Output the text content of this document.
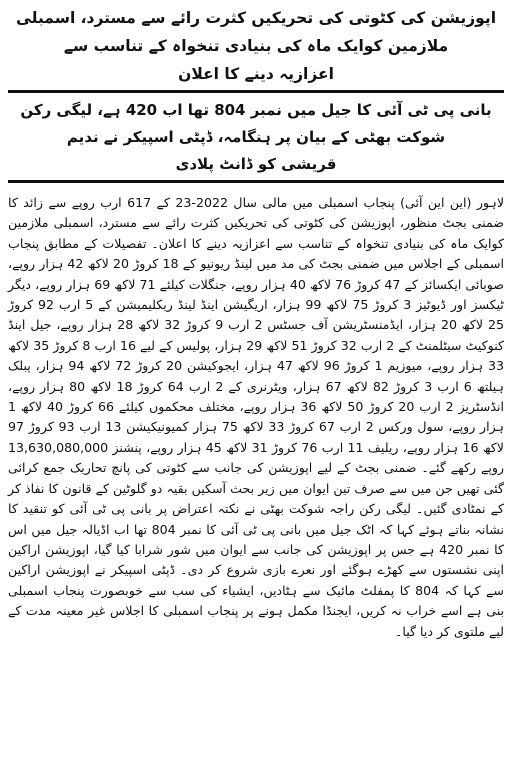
اپوزیشن کی کٹوتی کی تحریکیں کثرت رائے سے مسترد، اسمبلی ملازمین کوایک ماہ کی بنیادی تنخواہ کے تناسب سے
اعزازیہ دینے کا اعلان

بانی پی ٹی آئی کا جیل میں نمبر 804 تھا اب 420 ہے، لیگی رکن شوکت بھٹی کے بیان پر ہنگامہ، ڈپٹی اسپیکر نے ندیم
قریشی کو ڈانٹ پلادی

لاہور (این این آئی) پنجاب اسمبلی میں مالی سال 2022-23 کے 617 ارب روپے سے زائد کا ضمنی بجٹ منظور، اپوزیشن کی کٹوتی کی تحریکیں کثرت رائے سے مسترد، اسمبلی ملازمین کوایک ماہ کی بنیادی تنخواہ کے تناسب سے اعزازیہ دینے کا اعلان۔ تفصیلات کے مطابق پنجاب اسمبلی کے اجلاس میں ضمنی بجٹ کی مد میں لینڈ ریونیو کے 18 کروڑ 20 لاکھ 42 ہزار روپے، صوبائی ایکسائز کے 47 کروڑ 76 لاکھ 40 ہزار روپے، جنگلات کیلئے 71 لاکھ 69 ہزار روپے، دیگر ٹیکسز اور ڈیوٹیز 3 کروڑ 75 لاکھ 99 ہزار، اریگیشن اینڈ لینڈ ریکلیمیشن کے 5 ارب 92 کروڑ 25 لاکھ 20 ہزار، ایڈمنسٹریشن آف جسٹس 2 ارب 9 کروڑ 32 لاکھ 28 ہزار روپے، جیل اینڈ کنوکیٹ سیٹلمنٹ کے 2 ارب 32 کروڑ 51 لاکھ 29 ہزار، پولیس کے لیے 16 ارب 8 کروڑ 35 لاکھ 33 ہزار روپے، میوزیم 1 کروڑ 96 لاکھ 47 ہزار، ایجوکیشن 20 کروڑ 72 لاکھ 94 ہزار، پبلک ہیلتھ 6 ارب 3 کروڑ 82 لاکھ 67 ہزار، ویٹرنری کے 2 ارب 64 کروڑ 18 لاکھ 80 ہزار روپے، انڈسٹریز 2 ارب 20 کروڑ 50 لاکھ 36 ہزار روپے، مختلف محکموں کیلئے 66 کروڑ 40 لاکھ 1 ہزار روپے، سول ورکس 2 ارب 67 کروڑ 33 لاکھ 75 ہزار کمیونیکیشن 13 ارب 93 کروڑ 97 لاکھ 16 ہزار روپے، ریلیف 11 ارب 76 کروڑ 31 لاکھ 45 ہزار روپے، پنشنز 13,630,080,000 روپے رکھے گئے۔ ضمنی بجٹ کے لیے اپوزیشن کی جانب سے کٹوتی کی پانچ تحاریک جمع کرائی گئی تھیں جن میں سے صرف تین ایوان میں زیر بحث آسکیں بقیہ دو گلوٹین کے قانون کا نفاذ کر کے نمٹادی گئیں۔ لیگی رکن راجہ شوکت بھٹی نے نکتہ اعتراض پر بانی پی ٹی آئی کو تنقید کا نشانہ بناتے ہوئے کہا کہ اٹک جیل میں بانی پی ٹی آئی کا نمبر 804 تھا اب اڈیالہ جیل میں اس کا نمبر 420 ہے جس پر اپوزیشن کی جانب سے ایوان میں شور شرابا کیا گیا، اپوزیشن اراکین اپنی نشستوں سے کھڑے ہوگئے اور نعرے بازی شروع کر دی۔ ڈپٹی اسپیکر نے اپوزیشن اراکین سے کہا کہ 804 کا پمفلٹ مائیک سے ہٹادیں، ایشیاء کی سب سے خوبصورت پنجاب اسمبلی بنی ہے اسے خراب نہ کریں، ایجنڈا مکمل ہونے پر پنجاب اسمبلی کا اجلاس غیر معینہ مدت کے لیے ملتوی کر دیا گیا۔
